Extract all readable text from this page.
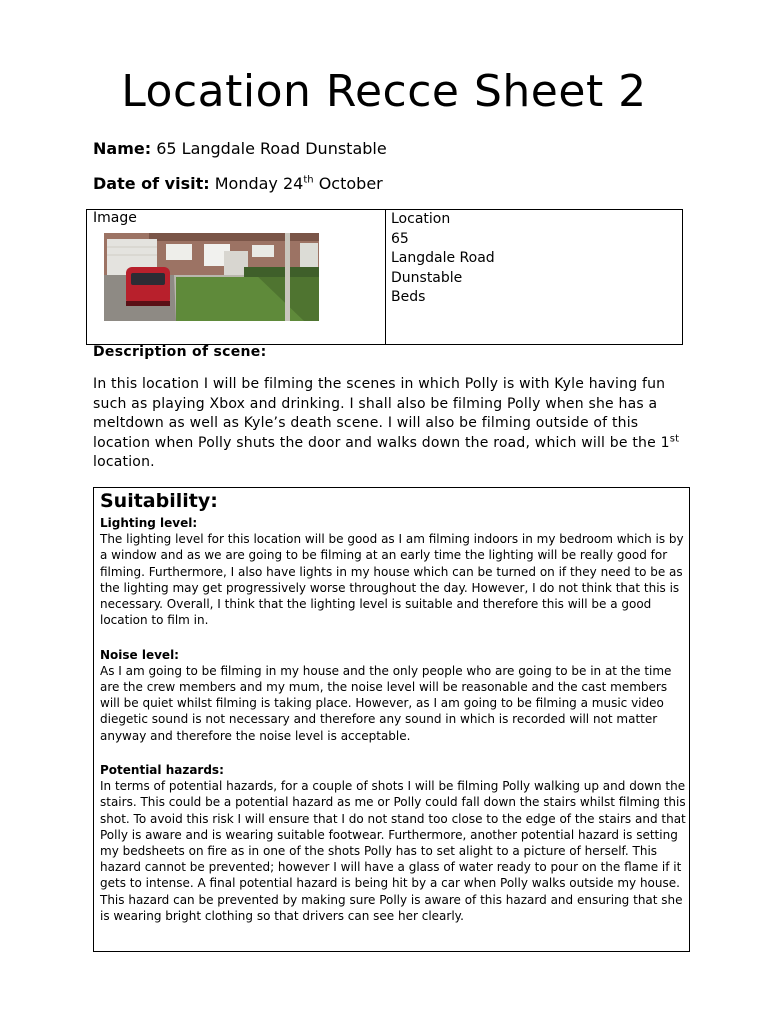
Location Recce Sheet 2
Name: 65 Langdale Road Dunstable
Date of visit: Monday 24th October
Image	Location
65
Langdale Road
Dunstable
Beds
Description of scene:
In this location I will be filming the scenes in which Polly is with Kyle having fun such as playing Xbox and drinking. I shall also be filming Polly when she has a meltdown as well as Kyle’s death scene. I will also be filming outside of this location when Polly shuts the door and walks down the road, which will be the 1st location.
Suitability:
Lighting level:
The lighting level for this location will be good as I am filming indoors in my bedroom which is by a window and as we are going to be filming at an early time the lighting will be really good for filming. Furthermore, I also have lights in my house which can be turned on if they need to be as the lighting may get progressively worse throughout the day. However, I do not think that this is necessary. Overall, I think that the lighting level is suitable and therefore this will be a good location to film in.
Noise level:
As I am going to be filming in my house and the only people who are going to be in at the time are the crew members and my mum, the noise level will be reasonable and the cast members will be quiet whilst filming is taking place. However, as I am going to be filming a music video diegetic sound is not necessary and therefore any sound in which is recorded will not matter anyway and therefore the noise level is acceptable.
Potential hazards:
In terms of potential hazards, for a couple of shots I will be filming Polly walking up and down the stairs. This could be a potential hazard as me or Polly could fall down the stairs whilst filming this shot. To avoid this risk I will ensure that I do not stand too close to the edge of the stairs and that Polly is aware and is wearing suitable footwear. Furthermore, another potential hazard is setting my bedsheets on fire as in one of the shots Polly has to set alight to a picture of herself. This hazard cannot be prevented; however I will have a glass of water ready to pour on the flame if it gets to intense. A final potential hazard is being hit by a car when Polly walks outside my house. This hazard can be prevented by making sure Polly is aware of this hazard and ensuring that she is wearing bright clothing so that drivers can see her clearly.
